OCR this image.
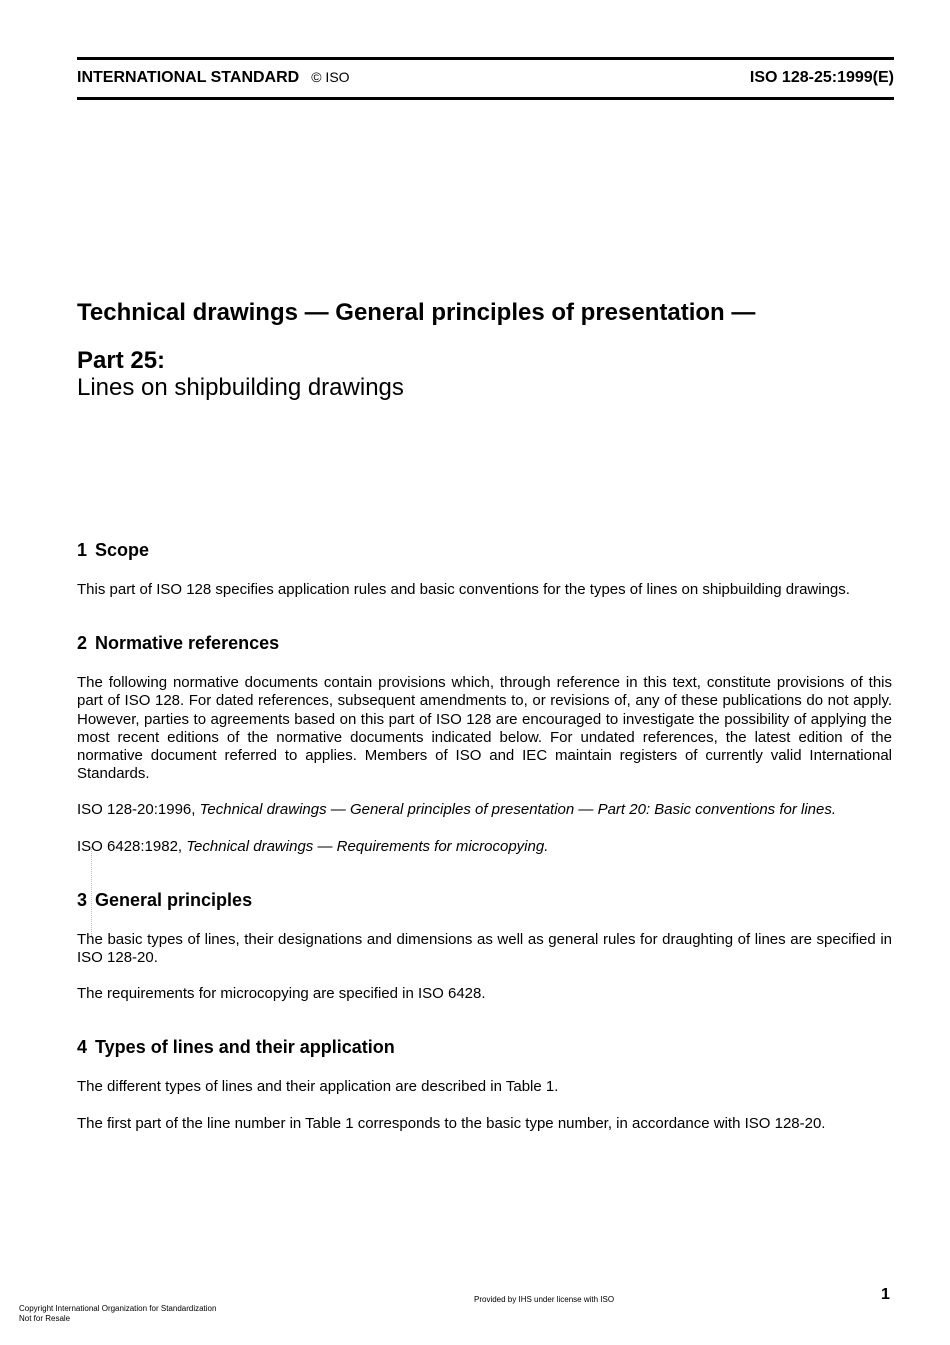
INTERNATIONAL STANDARD © ISO	ISO 128-25:1999(E)
Technical drawings — General principles of presentation —
Part 25:
Lines on shipbuilding drawings
1 Scope

This part of ISO 128 specifies application rules and basic conventions for the types of lines on shipbuilding drawings.

2 Normative references

The following normative documents contain provisions which, through reference in this text, constitute provisions of this part of ISO 128. For dated references, subsequent amendments to, or revisions of, any of these publications do not apply. However, parties to agreements based on this part of ISO 128 are encouraged to investigate the possibility of applying the most recent editions of the normative documents indicated below. For undated references, the latest edition of the normative document referred to applies. Members of ISO and IEC maintain registers of currently valid International Standards.

ISO 128-20:1996, Technical drawings — General principles of presentation — Part 20: Basic conventions for lines.

ISO 6428:1982, Technical drawings — Requirements for microcopying.

3 General principles

The basic types of lines, their designations and dimensions as well as general rules for draughting of lines are specified in ISO 128-20.

The requirements for microcopying are specified in ISO 6428.

4 Types of lines and their application

The different types of lines and their application are described in Table 1.

The first part of the line number in Table 1 corresponds to the basic type number, in accordance with ISO 128-20.

Copyright International Organization for Standardization
Not for Resale
Provided by IHS under license with ISO	1
